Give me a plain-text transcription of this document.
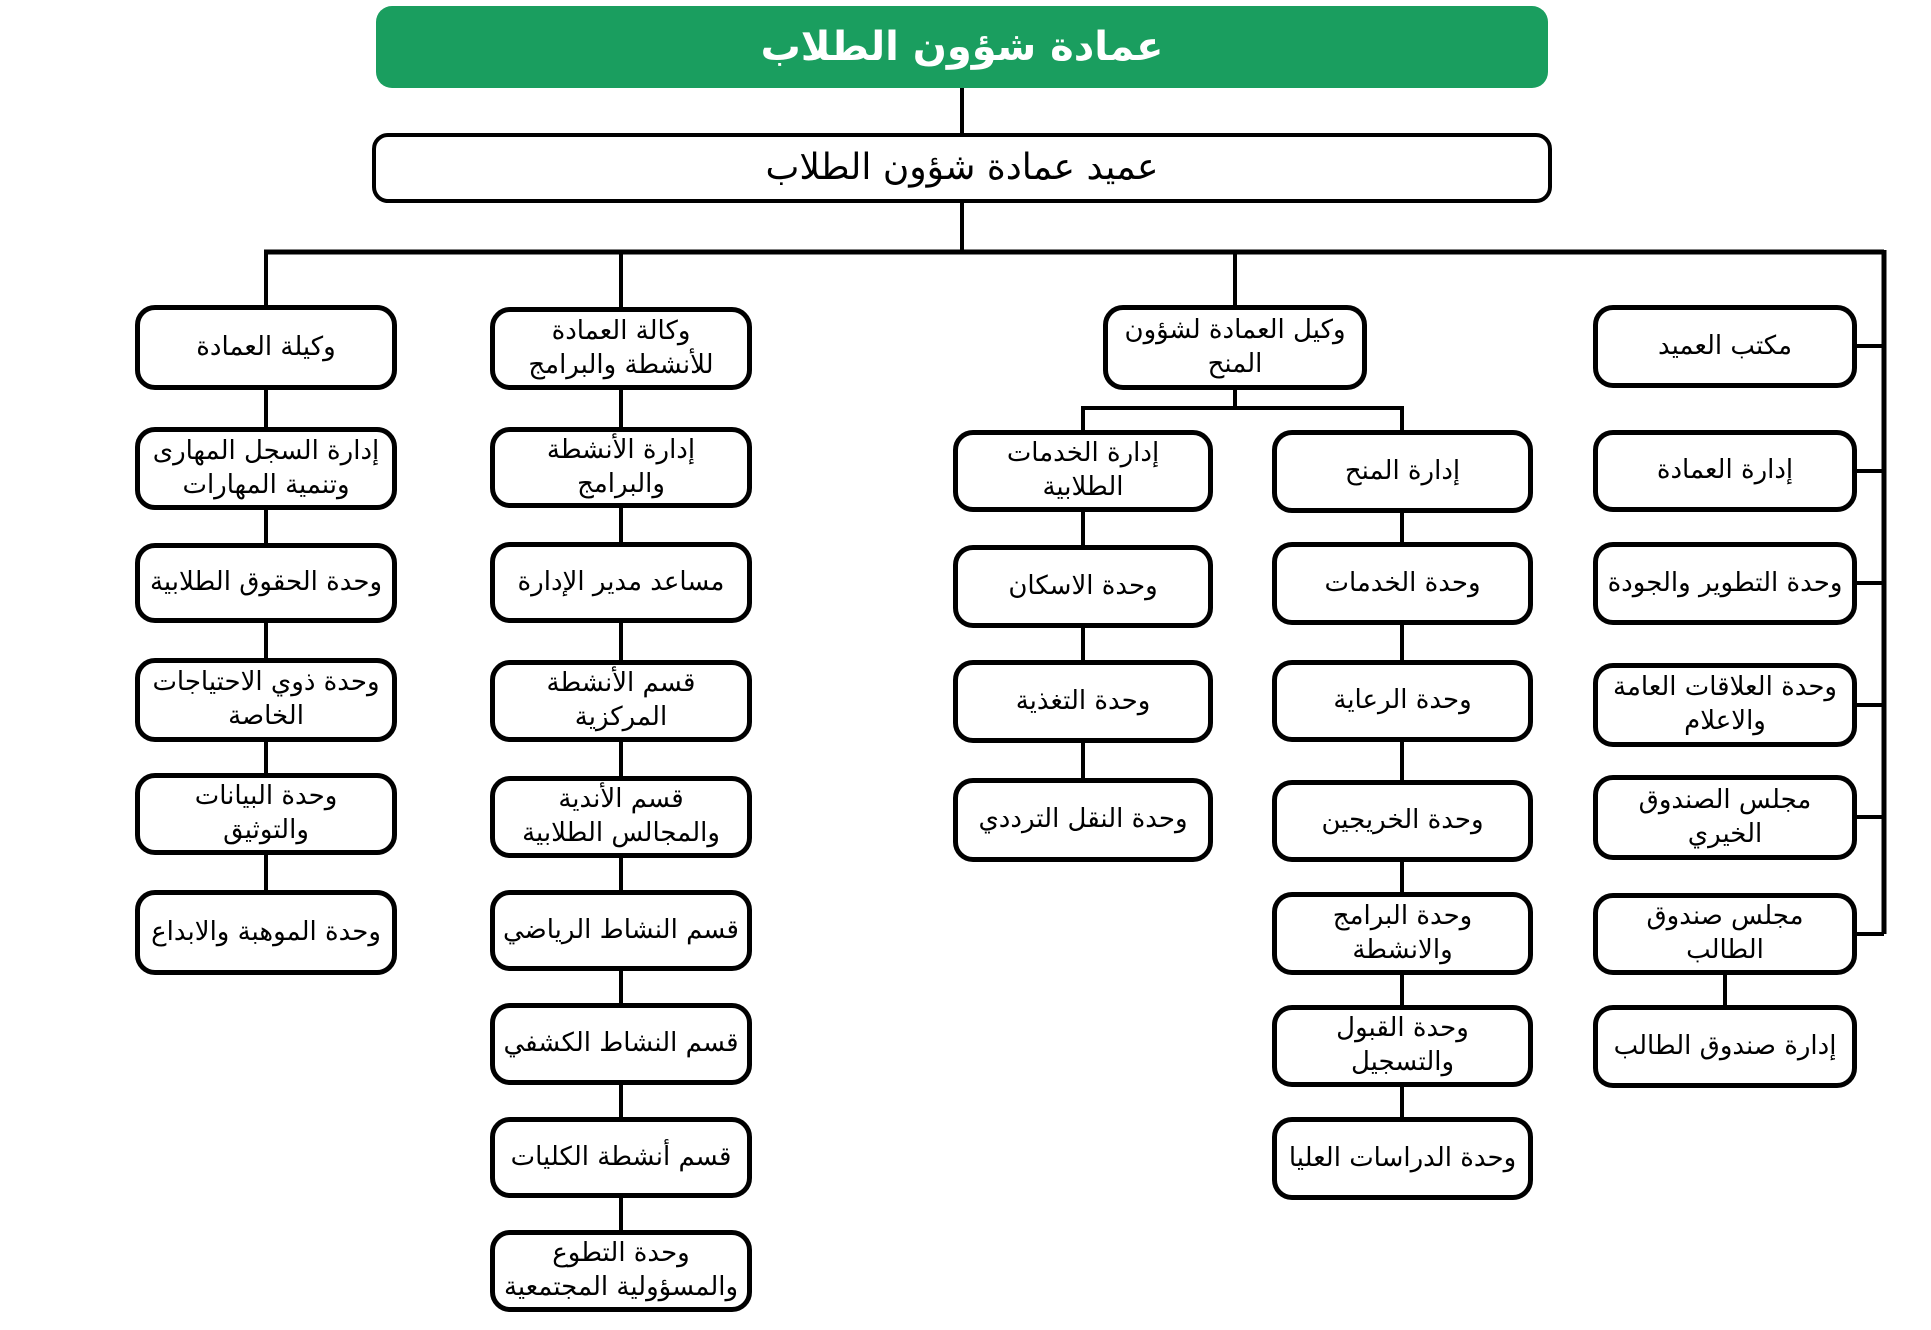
عمادة شؤون الطلاب
عميد عمادة شؤون الطلاب
وكيلة العمادة
إدارة السجل المهارى وتنمية المهارات
وحدة الحقوق الطلابية
وحدة ذوي الاحتياجات الخاصة
وحدة البيانات والتوثيق
وحدة الموهبة والابداع
وكالة العمادة للأنشطة والبرامج
إدارة الأنشطة والبرامج
مساعد مدير الإدارة
قسم الأنشطة المركزية
قسم الأندية والمجالس الطلابية
قسم النشاط الرياضي
قسم النشاط الكشفي
قسم أنشطة الكليات
وحدة التطوع والمسؤولية المجتمعية
وكيل العمادة لشؤون المنح
إدارة الخدمات الطلابية
وحدة الاسكان
وحدة التغذية
وحدة النقل الترددي
إدارة المنح
وحدة الخدمات
وحدة الرعاية
وحدة الخريجين
وحدة البرامج والانشطة
وحدة القبول والتسجيل
وحدة الدراسات العليا
مكتب العميد
إدارة العمادة
وحدة التطوير والجودة
وحدة العلاقات العامة والاعلام
مجلس الصندوق الخيري
مجلس صندوق الطالب
إدارة صندوق الطالب
